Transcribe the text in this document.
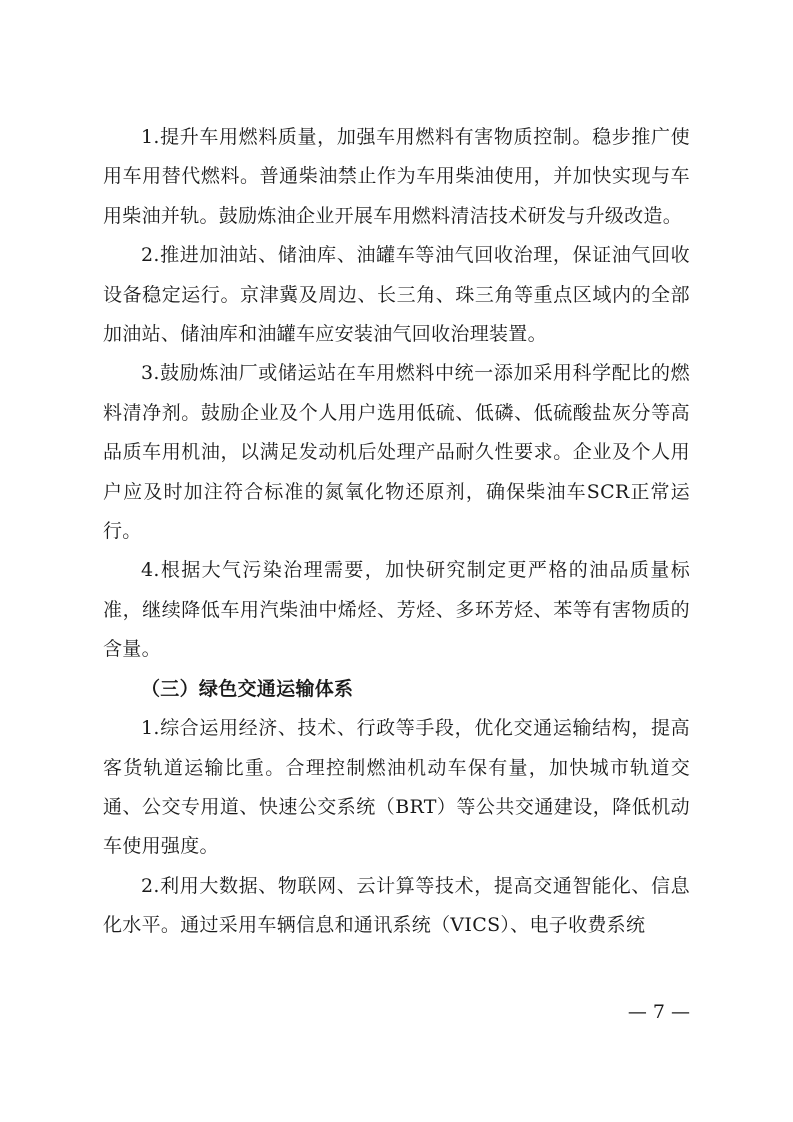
1.提升车用燃料质量，加强车用燃料有害物质控制。稳步推广使用车用替代燃料。普通柴油禁止作为车用柴油使用，并加快实现与车用柴油并轨。鼓励炼油企业开展车用燃料清洁技术研发与升级改造。

2.推进加油站、储油库、油罐车等油气回收治理，保证油气回收设备稳定运行。京津冀及周边、长三角、珠三角等重点区域内的全部加油站、储油库和油罐车应安装油气回收治理装置。

3.鼓励炼油厂或储运站在车用燃料中统一添加采用科学配比的燃料清净剂。鼓励企业及个人用户选用低硫、低磷、低硫酸盐灰分等高品质车用机油，以满足发动机后处理产品耐久性要求。企业及个人用户应及时加注符合标准的氮氧化物还原剂，确保柴油车SCR正常运行。

4.根据大气污染治理需要，加快研究制定更严格的油品质量标准，继续降低车用汽柴油中烯烃、芳烃、多环芳烃、苯等有害物质的含量。

（三）绿色交通运输体系

1.综合运用经济、技术、行政等手段，优化交通运输结构，提高客货轨道运输比重。合理控制燃油机动车保有量，加快城市轨道交通、公交专用道、快速公交系统（BRT）等公共交通建设，降低机动车使用强度。

2.利用大数据、物联网、云计算等技术，提高交通智能化、信息化水平。通过采用车辆信息和通讯系统（VICS）、电子收费系统

— 7 —
